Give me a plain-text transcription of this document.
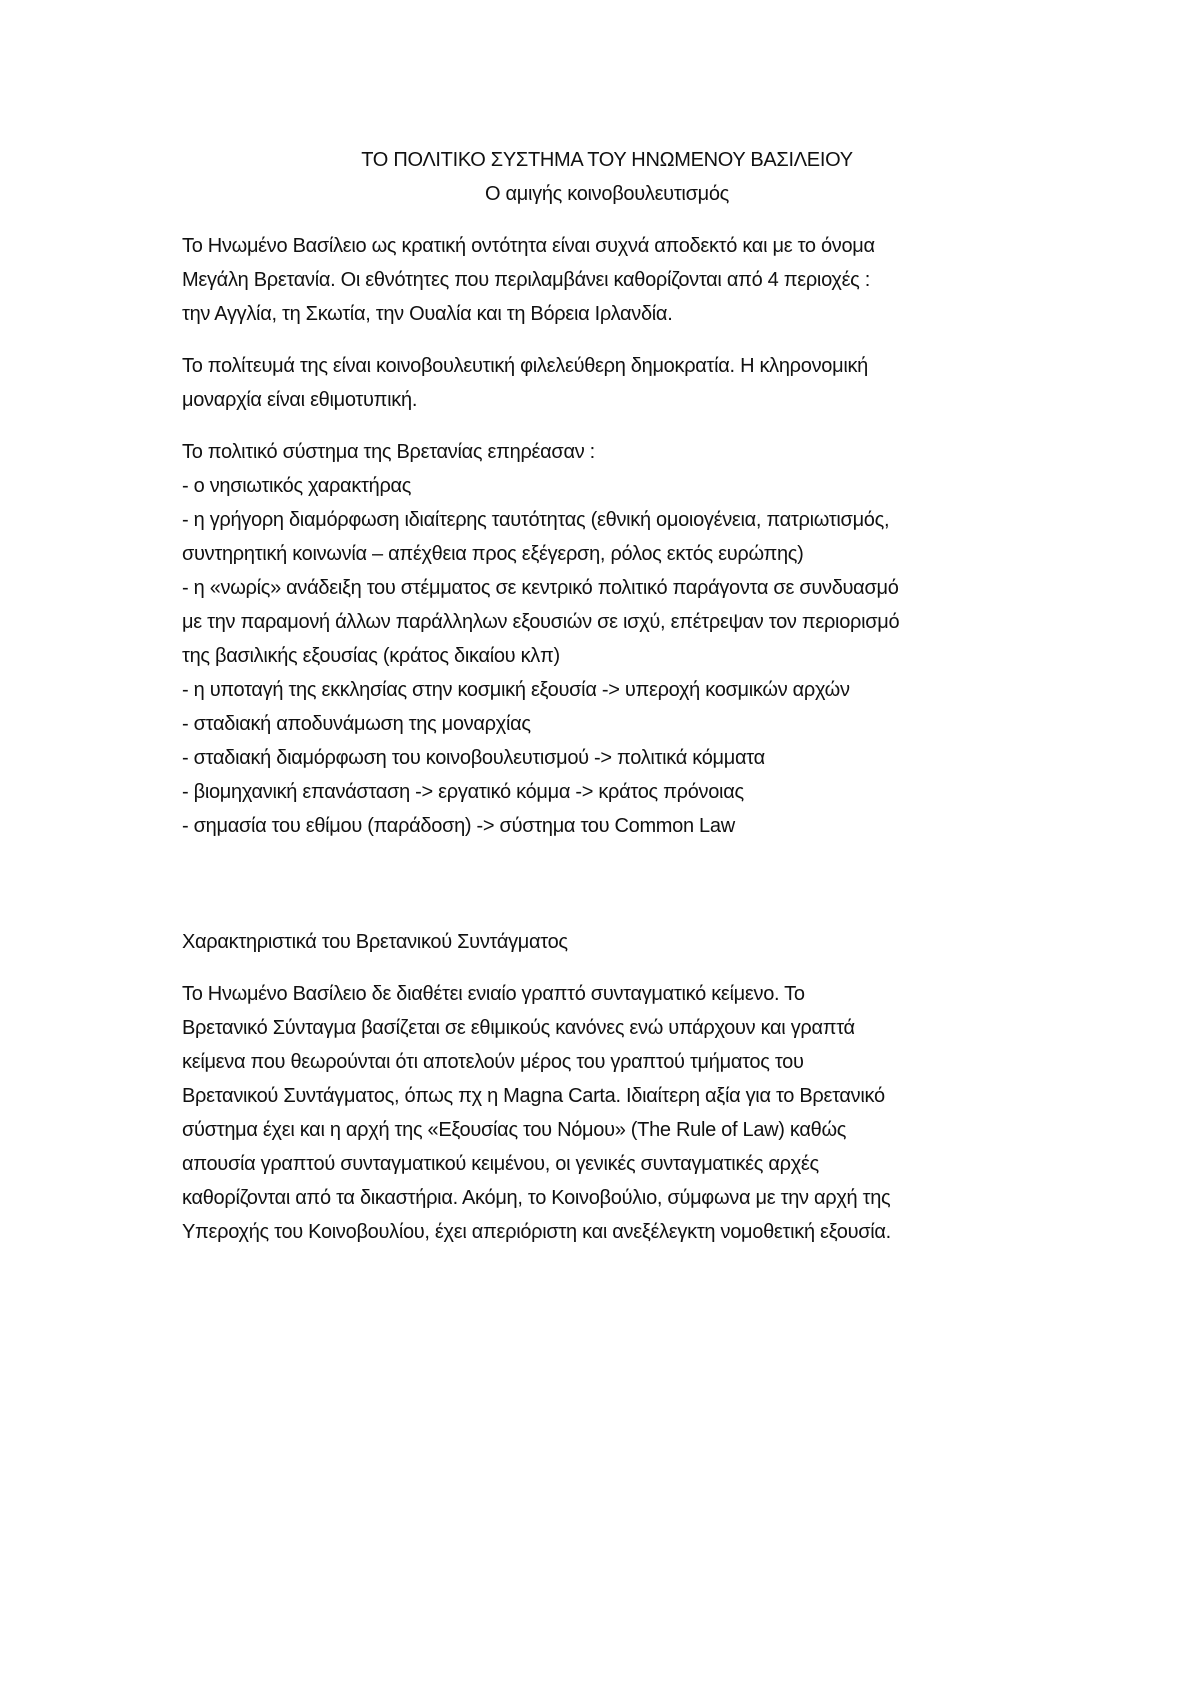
ΤΟ ΠΟΛΙΤΙΚΟ ΣΥΣΤΗΜΑ ΤΟΥ ΗΝΩΜΕΝΟΥ ΒΑΣΙΛΕΙΟΥ

Ο αμιγής κοινοβουλευτισμός

Το Ηνωμένο Βασίλειο ως κρατική οντότητα είναι συχνά αποδεκτό και με το όνομα
Μεγάλη Βρετανία. Οι εθνότητες που περιλαμβάνει καθορίζονται από 4 περιοχές :
την Αγγλία, τη Σκωτία, την Ουαλία και τη Βόρεια Ιρλανδία.

Το πολίτευμά της είναι κοινοβουλευτική φιλελεύθερη δημοκρατία. Η κληρονομική
μοναρχία είναι εθιμοτυπική.

Το πολιτικό σύστημα της Βρετανίας επηρέασαν :
- ο νησιωτικός χαρακτήρας
- η γρήγορη διαμόρφωση ιδιαίτερης ταυτότητας (εθνική ομοιογένεια, πατριωτισμός,
συντηρητική κοινωνία – απέχθεια προς εξέγερση, ρόλος εκτός ευρώπης)
- η «νωρίς» ανάδειξη του στέμματος σε κεντρικό πολιτικό παράγοντα σε συνδυασμό
με την παραμονή άλλων παράλληλων εξουσιών σε ισχύ, επέτρεψαν τον περιορισμό
της βασιλικής εξουσίας (κράτος δικαίου κλπ)
- η υποταγή της εκκλησίας στην κοσμική εξουσία -> υπεροχή κοσμικών αρχών
- σταδιακή αποδυνάμωση της μοναρχίας
- σταδιακή διαμόρφωση του κοινοβουλευτισμού -> πολιτικά κόμματα
- βιομηχανική επανάσταση -> εργατικό κόμμα -> κράτος πρόνοιας
- σημασία του εθίμου (παράδοση) -> σύστημα του Common Law

Χαρακτηριστικά του Βρετανικού Συντάγματος

Το Ηνωμένο Βασίλειο δε διαθέτει ενιαίο γραπτό συνταγματικό κείμενο. Το
Βρετανικό Σύνταγμα βασίζεται σε εθιμικούς κανόνες ενώ υπάρχουν και γραπτά
κείμενα που θεωρούνται ότι αποτελούν μέρος του γραπτού τμήματος του
Βρετανικού Συντάγματος, όπως πχ η Magna Carta. Ιδιαίτερη αξία για το Βρετανικό
σύστημα έχει και η αρχή της «Εξουσίας του Νόμου» (The Rule of Law) καθώς
απουσία γραπτού συνταγματικού κειμένου, οι γενικές συνταγματικές αρχές
καθορίζονται από τα δικαστήρια. Ακόμη, το Κοινοβούλιο, σύμφωνα με την αρχή της
Υπεροχής του Κοινοβουλίου, έχει απεριόριστη και ανεξέλεγκτη νομοθετική εξουσία.
